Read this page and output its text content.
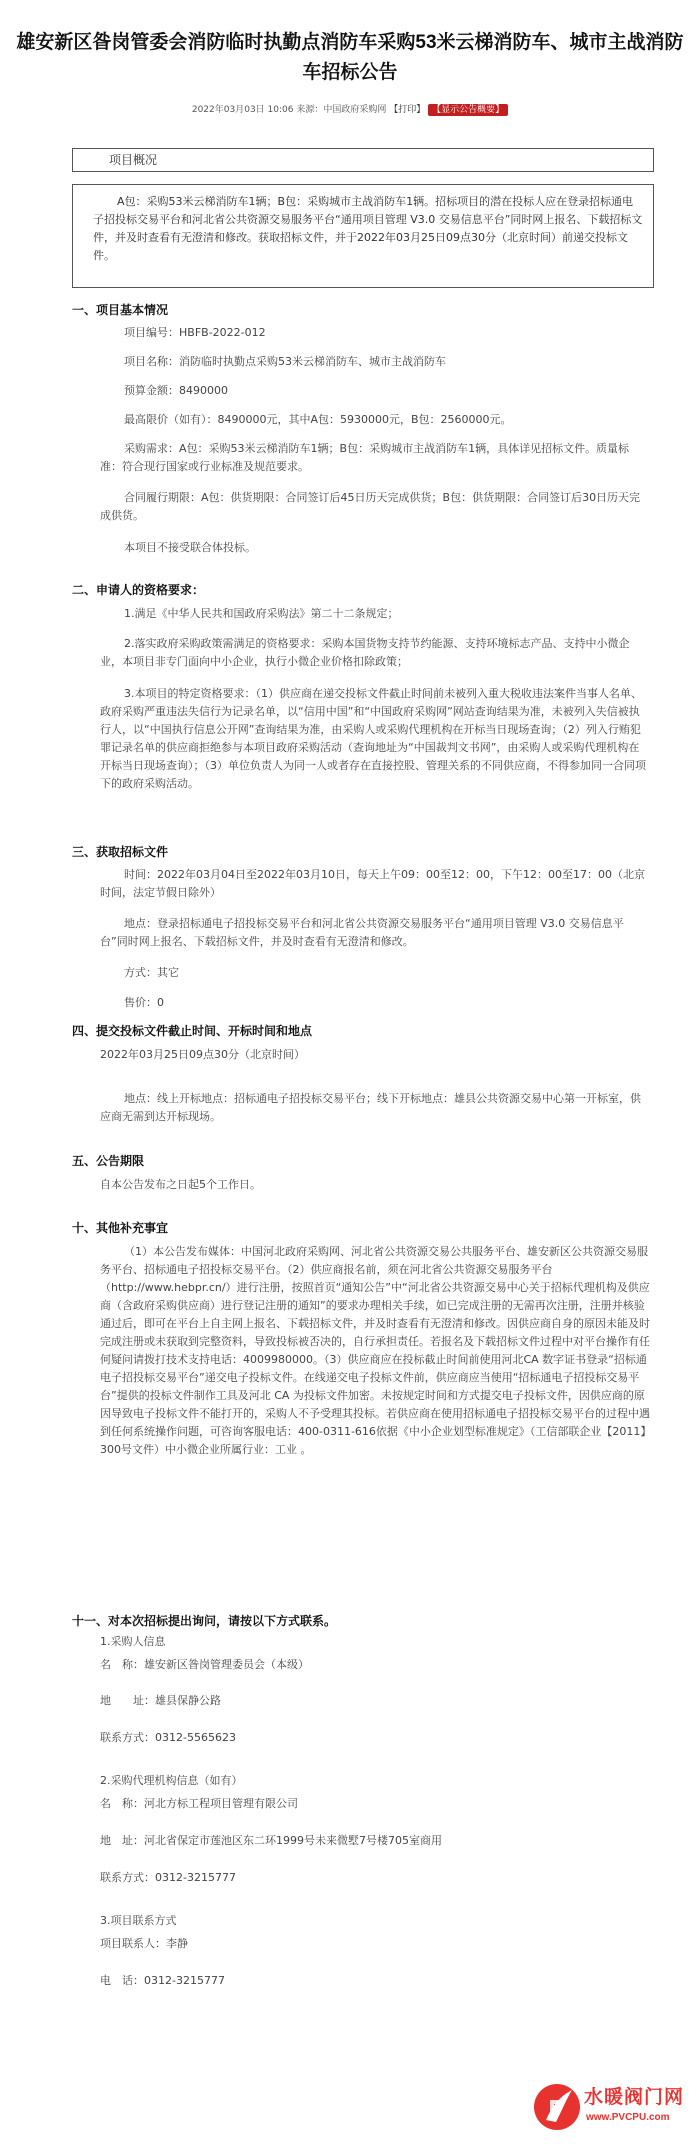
雄安新区昝岗管委会消防临时执勤点消防车采购53米云梯消防车、城市主战消防车招标公告
2022年03月03日 10:06 来源：中国政府采购网 【打印】 【显示公告概要】
项目概况

A包：采购53米云梯消防车1辆；B包：采购城市主战消防车1辆。招标项目的潜在投标人应在登录招标通电子招投标交易平台和河北省公共资源交易服务平台“通用项目管理 V3.0 交易信息平台”同时网上报名、下载招标文件，并及时查看有无澄清和修改。获取招标文件，并于2022年03月25日09点30分（北京时间）前递交投标文件。

一、项目基本情况

项目编号：HBFB-2022-012

项目名称：消防临时执勤点采购53米云梯消防车、城市主战消防车

预算金额：8490000

最高限价（如有）：8490000元，其中A包：5930000元，B包：2560000元。

采购需求：A包：采购53米云梯消防车1辆；B包：采购城市主战消防车1辆，具体详见招标文件。质量标准：符合现行国家或行业标准及规范要求。

合同履行期限：A包：供货期限：合同签订后45日历天完成供货；B包：供货期限：合同签订后30日历天完成供货。

本项目不接受联合体投标。

二、申请人的资格要求：

1.满足《中华人民共和国政府采购法》第二十二条规定；

2.落实政府采购政策需满足的资格要求：采购本国货物支持节约能源、支持环境标志产品、支持中小微企业，本项目非专门面向中小企业，执行小微企业价格扣除政策；

3.本项目的特定资格要求：（1）供应商在递交投标文件截止时间前未被列入重大税收违法案件当事人名单、政府采购严重违法失信行为记录名单，以“信用中国”和“中国政府采购网”网站查询结果为准，未被列入失信被执行人，以“中国执行信息公开网”查询结果为准，由采购人或采购代理机构在开标当日现场查询；（2）列入行贿犯罪记录名单的供应商拒绝参与本项目政府采购活动（查询地址为“中国裁判文书网”，由采购人或采购代理机构在开标当日现场查询）；（3）单位负责人为同一人或者存在直接控股、管理关系的不同供应商，不得参加同一合同项下的政府采购活动。

三、获取招标文件

时间：2022年03月04日至2022年03月10日，每天上午09：00至12：00，下午12：00至17：00（北京时间，法定节假日除外）

地点：登录招标通电子招投标交易平台和河北省公共资源交易服务平台“通用项目管理 V3.0 交易信息平台”同时网上报名、下载招标文件，并及时查看有无澄清和修改。

方式：其它

售价：0

四、提交投标文件截止时间、开标时间和地点

2022年03月25日09点30分（北京时间）

地点：线上开标地点：招标通电子招投标交易平台；线下开标地点：雄县公共资源交易中心第一开标室，供应商无需到达开标现场。

五、公告期限

自本公告发布之日起5个工作日。

十、其他补充事宜

（1）本公告发布媒体：中国河北政府采购网、河北省公共资源交易公共服务平台、雄安新区公共资源交易服务平台、招标通电子招投标交易平台。（2）供应商报名前，须在河北省公共资源交易服务平台（http://www.hebpr.cn/）进行注册，按照首页“通知公告”中“河北省公共资源交易中心关于招标代理机构及供应商（含政府采购供应商）进行登记注册的通知”的要求办理相关手续，如已完成注册的无需再次注册，注册并核验通过后，即可在平台上自主网上报名、下载招标文件，并及时查看有无澄清和修改。因供应商自身的原因未能及时完成注册或未获取到完整资料，导致投标被否决的，自行承担责任。若报名及下载招标文件过程中对平台操作有任何疑问请拨打技术支持电话：4009980000。（3）供应商应在投标截止时间前使用河北CA 数字证书登录“招标通电子招投标交易平台”递交电子投标文件。在线递交电子投标文件前，供应商应当使用“招标通电子招投标交易平台”提供的投标文件制作工具及河北 CA 为投标文件加密。未按规定时间和方式提交电子投标文件，因供应商的原因导致电子投标文件不能打开的，采购人不予受理其投标。若供应商在使用招标通电子招投标交易平台的过程中遇到任何系统操作问题，可咨询客服电话：400-0311-616依据《中小企业划型标准规定》（工信部联企业【2011】300号文件）中小微企业所属行业：工业 。

十一、对本次招标提出询问，请按以下方式联系。

1.采购人信息

名　称：雄安新区昝岗管理委员会（本级）

地　　址：雄县保静公路

联系方式：0312-5565623

2.采购代理机构信息（如有）

名　称：河北方标工程项目管理有限公司

地　址：河北省保定市莲池区东二环1999号未来微墅7号楼705室商用

联系方式：0312-3215777

3.项目联系方式

项目联系人：李静

电　话：0312-3215777

水暖阀门网
www.PVCPU.com
